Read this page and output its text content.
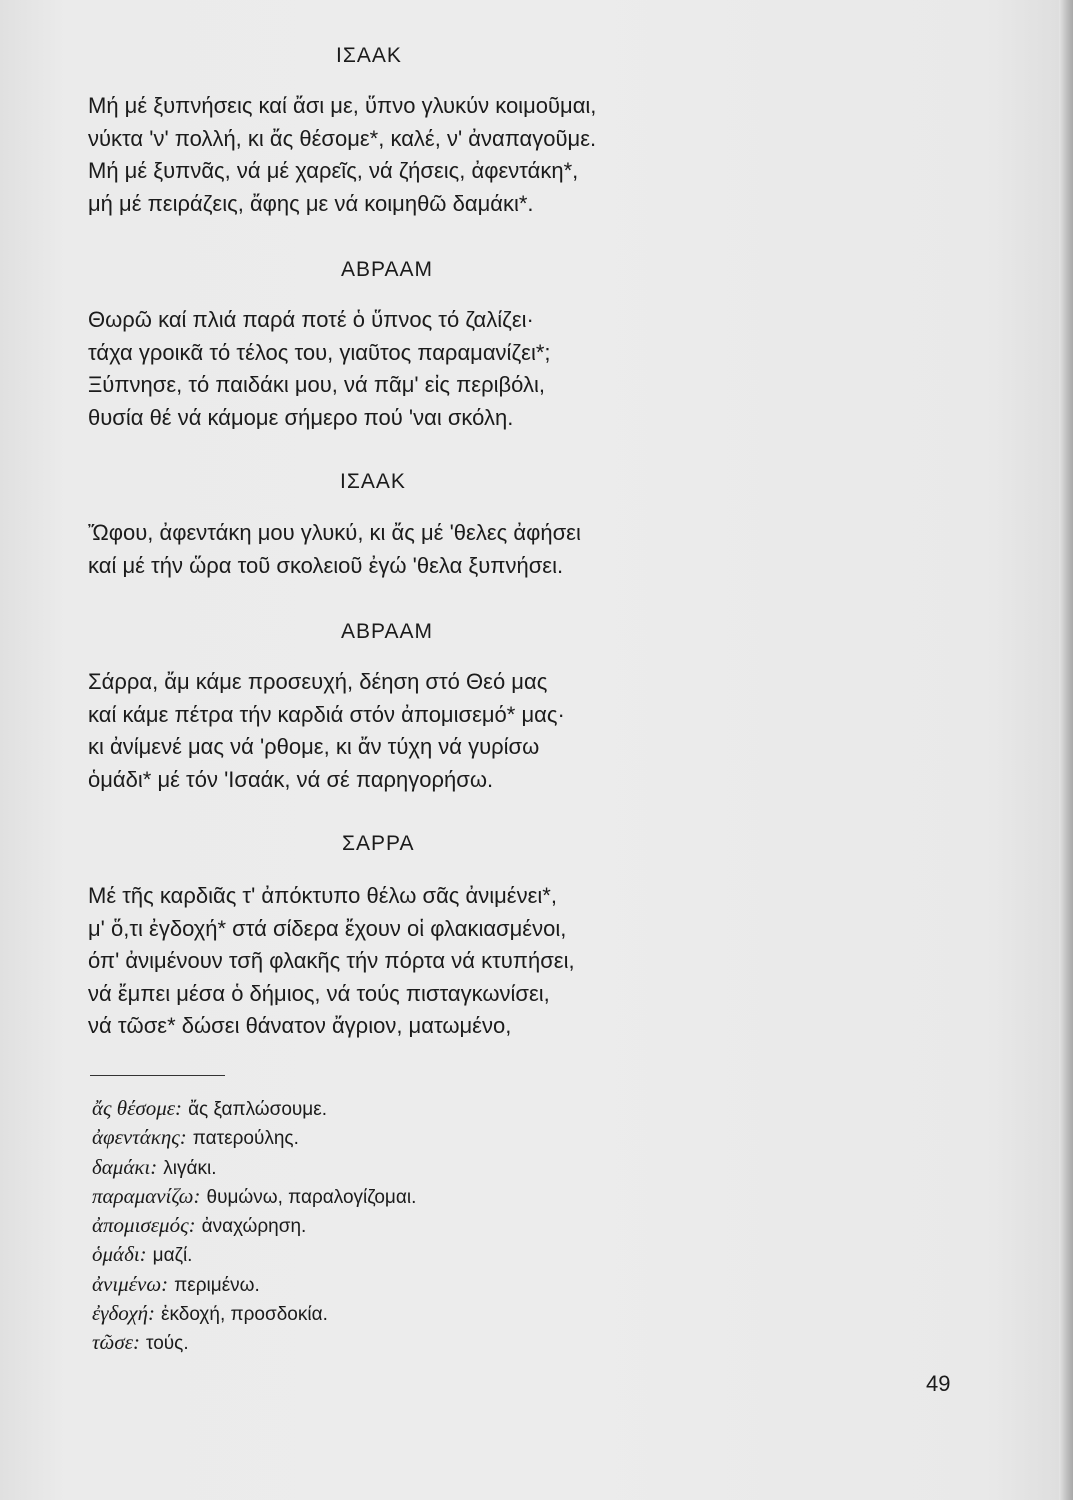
ΙΣΑΑΚ
Μή μέ ξυπνήσεις καί ἄσι με, ὕπνο γλυκύν κοιμοῦμαι,
νύκτα 'ν' πολλή, κι ἄς θέσομε*, καλέ, ν' ἀναπαγοῦμε.
Μή μέ ξυπνᾶς, νά μέ χαρεῖς, νά ζήσεις, ἀφεντάκη*,
μή μέ πειράζεις, ἄφης με νά κοιμηθῶ δαμάκι*.
ΑΒΡΑΑΜ
Θωρῶ καί πλιά παρά ποτέ ὁ ὕπνος τό ζαλίζει·
τάχα γροικᾶ τό τέλος του, γιαῦτος παραμανίζει*;
Ξύπνησε, τό παιδάκι μου, νά πᾶμ' εἰς περιβόλι,
θυσία θέ νά κάμομε σήμερο πού 'ναι σκόλη.
ΙΣΑΑΚ
Ὤφου, ἀφεντάκη μου γλυκύ, κι ἄς μέ 'θελες ἀφήσει
καί μέ τήν ὥρα τοῦ σκολειοῦ ἐγώ 'θελα ξυπνήσει.
ΑΒΡΑΑΜ
Σάρρα, ἄμ κάμε προσευχή, δέηση στό Θεό μας
καί κάμε πέτρα τήν καρδιά στόν ἀπομισεμό* μας·
κι ἀνίμενέ μας νά 'ρθομε, κι ἄν τύχη νά γυρίσω
ὁμάδι* μέ τόν 'Ισαάκ, νά σέ παρηγορήσω.
ΣΑΡΡΑ
Μέ τῆς καρδιᾶς τ' ἀπόκτυπο θέλω σᾶς ἀνιμένει*,
μ' ὅ,τι ἐγδοχή* στά σίδερα ἔχουν οἱ φλακιασμένοι,
όπ' ἀνιμένουν τσῆ φλακῆς τήν πόρτα νά κτυπήσει,
νά ἔμπει μέσα ὁ δήμιος, νά τούς πισταγκωνίσει,
νά τῶσε* δώσει θάνατον ἄγριον, ματωμένο,
ἄς θέσομε: ἄς ξαπλώσουμε.
ἀφεντάκης: πατερούλης.
δαμάκι: λιγάκι.
παραμανίζω: θυμώνω, παραλογίζομαι.
ἀπομισεμός: ἀναχώρηση.
ὁμάδι: μαζί.
ἀνιμένω: περιμένω.
ἐγδοχή: ἐκδοχή, προσδοκία.
τῶσε: τούς.
49
